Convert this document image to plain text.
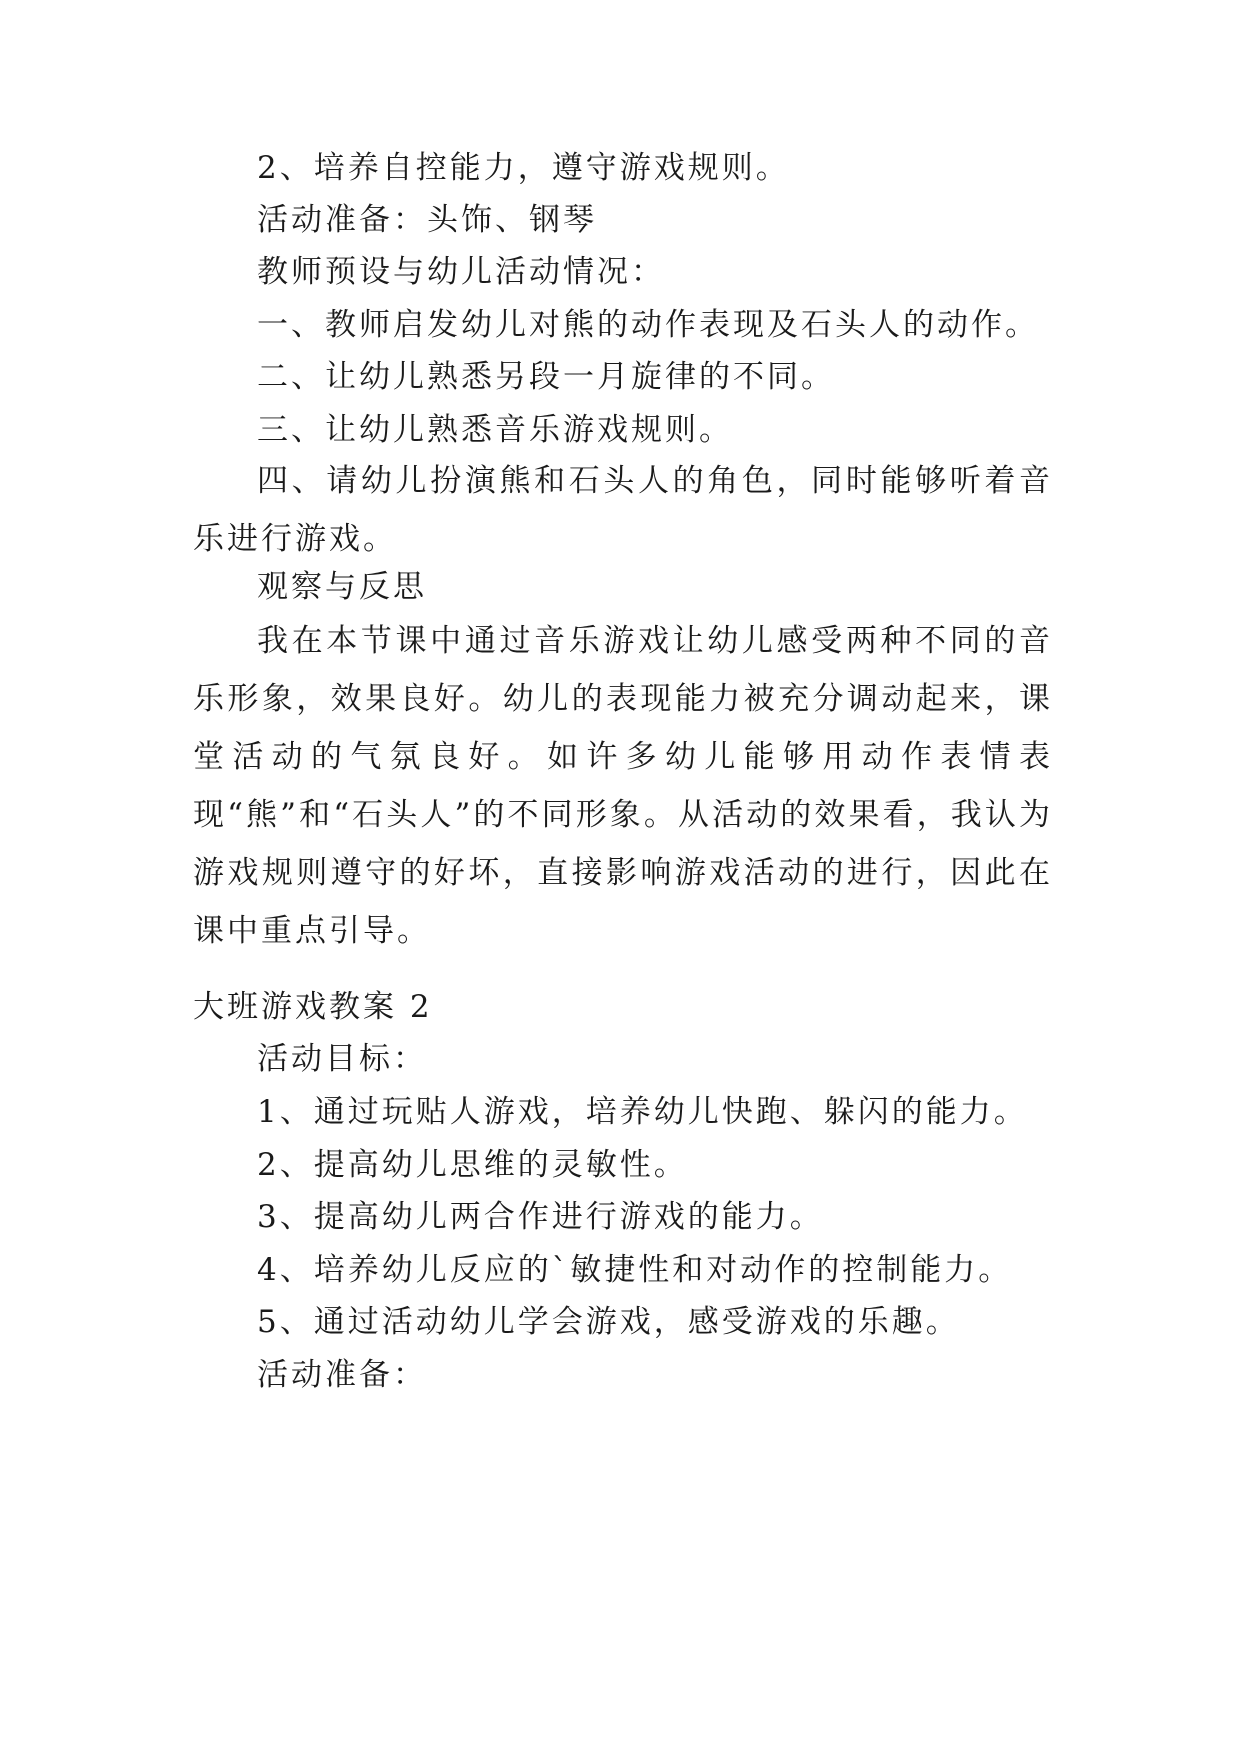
2、培养自控能力，遵守游戏规则。
活动准备：头饰、钢琴
教师预设与幼儿活动情况：
一、教师启发幼儿对熊的动作表现及石头人的动作。
二、让幼儿熟悉另段一月旋律的不同。
三、让幼儿熟悉音乐游戏规则。
四、请幼儿扮演熊和石头人的角色，同时能够听着音乐进行游戏。
观察与反思
我在本节课中通过音乐游戏让幼儿感受两种不同的音乐形象，效果良好。幼儿的表现能力被充分调动起来，课堂活动的气氛良好。如许多幼儿能够用动作表情表现“熊”和“石头人”的不同形象。从活动的效果看，我认为游戏规则遵守的好坏，直接影响游戏活动的进行，因此在课中重点引导。
大班游戏教案 2
活动目标：
1、通过玩贴人游戏，培养幼儿快跑、躲闪的能力。
2、提高幼儿思维的灵敏性。
3、提高幼儿两合作进行游戏的能力。
4、培养幼儿反应的`敏捷性和对动作的控制能力。
5、通过活动幼儿学会游戏，感受游戏的乐趣。
活动准备：
